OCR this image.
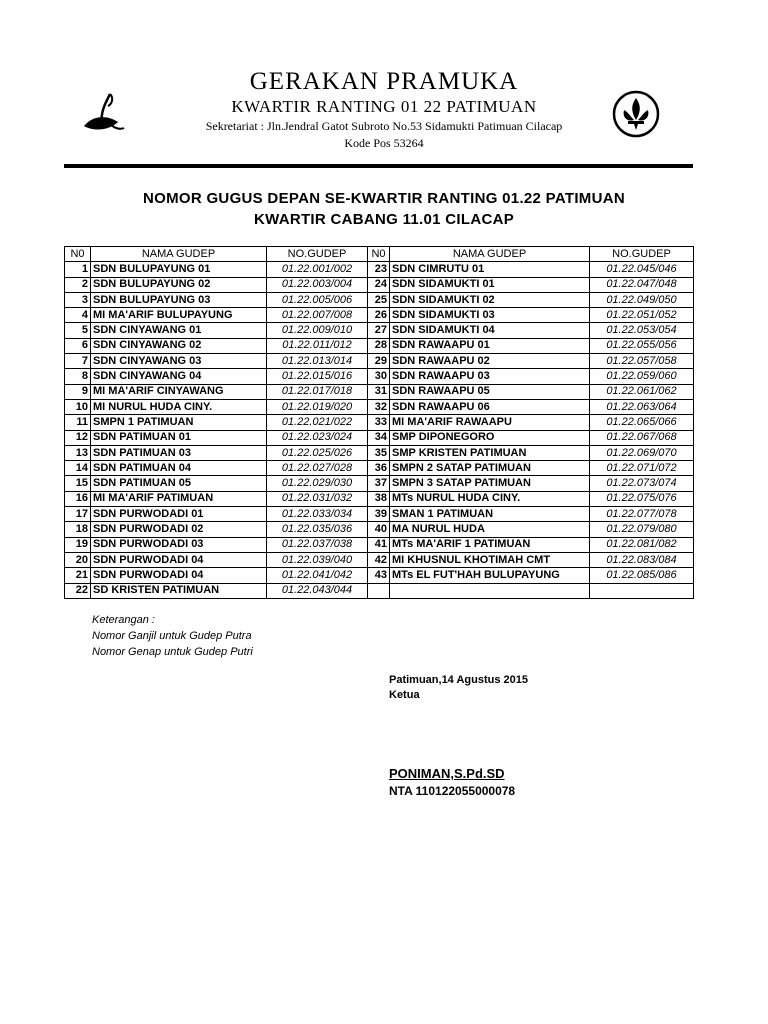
GERAKAN PRAMUKA
KWARTIR RANTING 01 22 PATIMUAN
Sekretariat : Jln.Jendral Gatot Subroto No.53 Sidamukti Patimuan Cilacap
Kode Pos 53264
NOMOR GUGUS DEPAN SE-KWARTIR RANTING 01.22 PATIMUAN
KWARTIR CABANG 11.01 CILACAP
N0	NAMA GUDEP	NO.GUDEP	N0	NAMA GUDEP	NO.GUDEP
1	SDN BULUPAYUNG 01	01.22.001/002	23	SDN CIMRUTU 01	01.22.045/046
2	SDN BULUPAYUNG 02	01.22.003/004	24	SDN SIDAMUKTI 01	01.22.047/048
3	SDN BULUPAYUNG 03	01.22.005/006	25	SDN SIDAMUKTI 02	01.22.049/050
4	MI MA'ARIF BULUPAYUNG	01.22.007/008	26	SDN SIDAMUKTI 03	01.22.051/052
5	SDN CINYAWANG 01	01.22.009/010	27	SDN SIDAMUKTI 04	01.22.053/054
6	SDN CINYAWANG 02	01.22.011/012	28	SDN RAWAAPU 01	01.22.055/056
7	SDN CINYAWANG 03	01.22.013/014	29	SDN RAWAAPU 02	01.22.057/058
8	SDN CINYAWANG 04	01.22.015/016	30	SDN RAWAAPU 03	01.22.059/060
9	MI MA'ARIF CINYAWANG	01.22.017/018	31	SDN RAWAAPU 05	01.22.061/062
10	MI NURUL HUDA CINY.	01.22.019/020	32	SDN RAWAAPU 06	01.22.063/064
11	SMPN 1 PATIMUAN	01.22.021/022	33	MI MA'ARIF RAWAAPU	01.22.065/066
12	SDN PATIMUAN 01	01.22.023/024	34	SMP DIPONEGORO	01.22.067/068
13	SDN PATIMUAN 03	01.22.025/026	35	SMP KRISTEN PATIMUAN	01.22.069/070
14	SDN PATIMUAN 04	01.22.027/028	36	SMPN 2 SATAP PATIMUAN	01.22.071/072
15	SDN PATIMUAN 05	01.22.029/030	37	SMPN 3 SATAP PATIMUAN	01.22.073/074
16	MI MA'ARIF PATIMUAN	01.22.031/032	38	MTs NURUL HUDA CINY.	01.22.075/076
17	SDN PURWODADI 01	01.22.033/034	39	SMAN 1 PATIMUAN	01.22.077/078
18	SDN PURWODADI 02	01.22.035/036	40	MA NURUL HUDA	01.22.079/080
19	SDN PURWODADI 03	01.22.037/038	41	MTs MA'ARIF 1 PATIMUAN	01.22.081/082
20	SDN PURWODADI 04	01.22.039/040	42	MI KHUSNUL KHOTIMAH CMT	01.22.083/084
21	SDN PURWODADI 04	01.22.041/042	43	MTs EL FUT'HAH BULUPAYUNG	01.22.085/086
22	SD KRISTEN PATIMUAN	01.22.043/044			
Keterangan :
Nomor Ganjil untuk Gudep Putra
Nomor Genap untuk Gudep Putri
Patimuan,14 Agustus 2015
Ketua
PONIMAN,S.Pd.SD
NTA 110122055000078
